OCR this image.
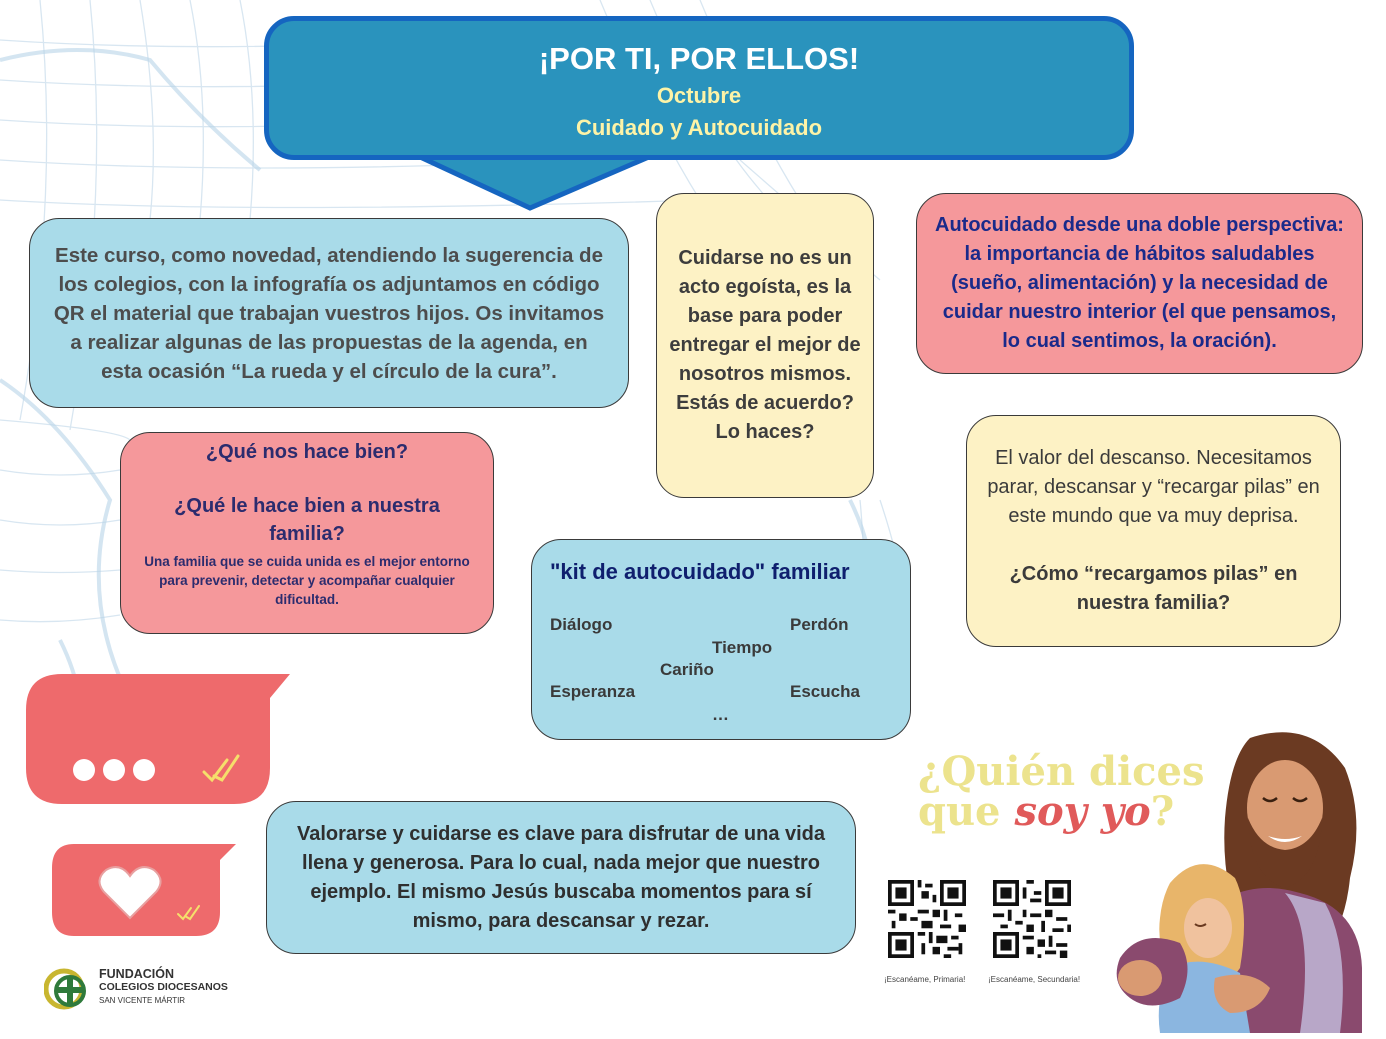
¡POR TI, POR ELLOS!
Octubre
Cuidado y Autocuidado
Este curso, como novedad, atendiendo la sugerencia de los colegios, con la infografía os adjuntamos en código QR el material que trabajan vuestros hijos. Os invitamos a realizar algunas de las propuestas de la agenda, en esta ocasión “La rueda y el círculo de la cura”.
Cuidarse no es un acto egoísta, es la base para poder entregar el mejor de nosotros mismos.
Estás de acuerdo?
Lo haces?
Autocuidado desde una doble perspectiva: la importancia de hábitos saludables (sueño, alimentación) y la necesidad de cuidar nuestro interior (el que pensamos, lo cual sentimos, la oración).
¿Qué nos hace bien?
¿Qué le hace bien a nuestra familia?
Una familia que se cuida unida es el mejor entorno para prevenir, detectar y acompañar cualquier dificultad.
El valor del descanso. Necesitamos parar, descansar y “recargar pilas” en este mundo que va muy deprisa.
¿Cómo “recargamos pilas” en nuestra familia?
"kit de autocuidado" familiar
Diálogo	Perdón
Tiempo
Cariño
Esperanza	Escucha
…
Valorarse y cuidarse es clave para disfrutar de una vida llena y generosa. Para lo cual, nada mejor que nuestro ejemplo. El mismo Jesús buscaba momentos para sí mismo, para descansar y rezar.
FUNDACIÓN
COLEGIOS DIOCESANOS
SAN VICENTE MÁRTIR
¿Quién dices
que soy yo?
¡Escanéame, Primaria!	¡Escanéame, Secundaria!
